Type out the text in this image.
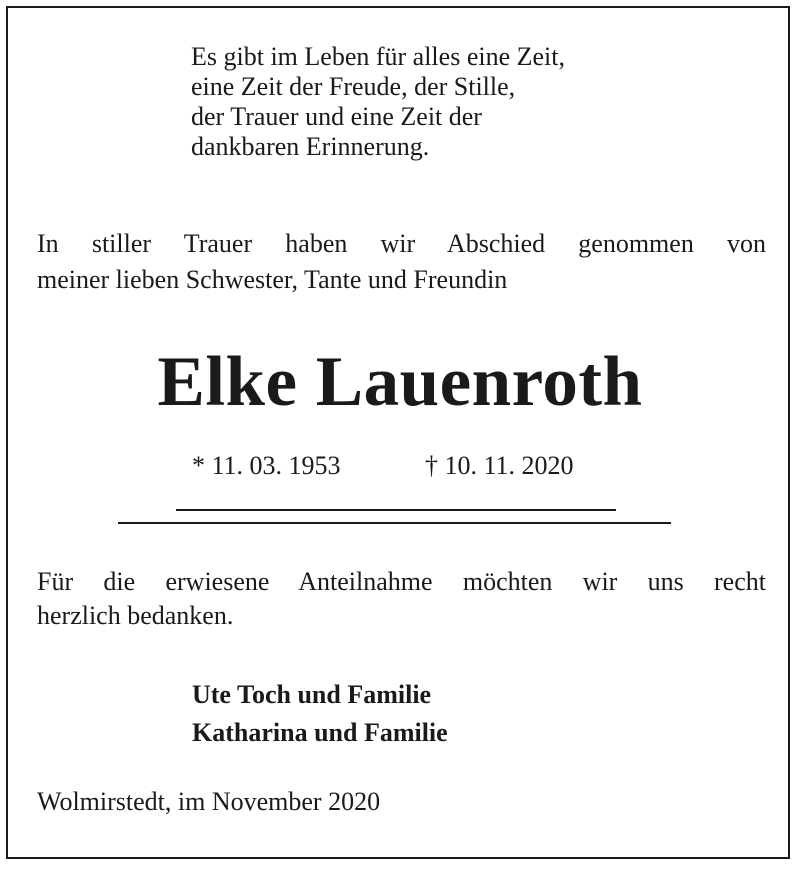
Es gibt im Leben für alles eine Zeit,
eine Zeit der Freude, der Stille,
der Trauer und eine Zeit der
dankbaren Erinnerung.
In stiller Trauer haben wir Abschied genommen von
meiner lieben Schwester, Tante und Freundin
Elke Lauenroth
* 11. 03. 1953	† 10. 11. 2020
Für die erwiesene Anteilnahme möchten wir uns recht
herzlich bedanken.
Ute Toch und Familie
Katharina und Familie
Wolmirstedt, im November 2020
